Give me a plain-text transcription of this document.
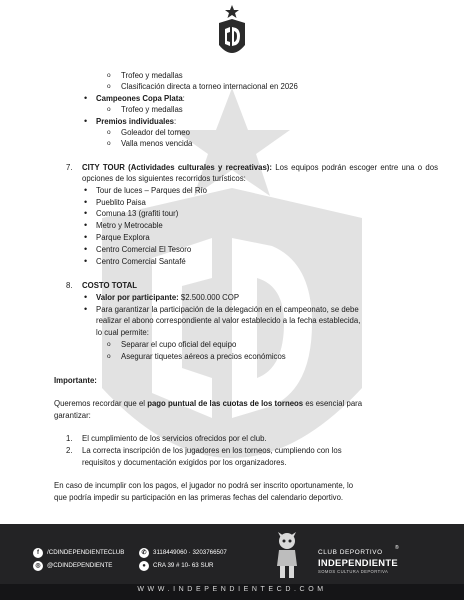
o Trofeo y medallas
o Clasificación directa a torneo internacional en 2026
• Campeones Copa Plata:
o Trofeo y medallas
• Premios individuales:
o Goleador del torneo
o Valla menos vencida
7. CITY TOUR (Actividades culturales y recreativas): Los equipos podrán escoger entre una o dos opciones de los siguientes recorridos turísticos:
• Tour de luces – Parques del Río
• Pueblito Paisa
• Comuna 13 (grafiti tour)
• Metro y Metrocable
• Parque Explora
• Centro Comercial El Tesoro
• Centro Comercial Santafé
8. COSTO TOTAL
• Valor por participante: $2.500.000 COP
• Para garantizar la participación de la delegación en el campeonato, se debe
realizar el abono correspondiente al valor establecido a la fecha establecida,
lo cual permite:
o Separar el cupo oficial del equipo
o Asegurar tiquetes aéreos a precios económicos
Importante:
Queremos recordar que el pago puntual de las cuotas de los torneos es esencial para
garantizar:
1. El cumplimiento de los servicios ofrecidos por el club.
2. La correcta inscripción de los jugadores en los torneos, cumpliendo con los
requisitos y documentación exigidos por los organizadores.
En caso de incumplir con los pagos, el jugador no podrá ser inscrito oportunamente, lo
que podría impedir su participación en las primeras fechas del calendario deportivo.
f	/CDINDEPENDIENTECLUB
◎	@CDINDEPENDIENTE
✆	3118449060 · 3203766507
●	CRA 39 # 10- 63 SUR
CLUB DEPORTIVO
®
INDEPENDIENTE
SOMOS CULTURA DEPORTIVA
WWW.INDEPENDIENTECD.COM
